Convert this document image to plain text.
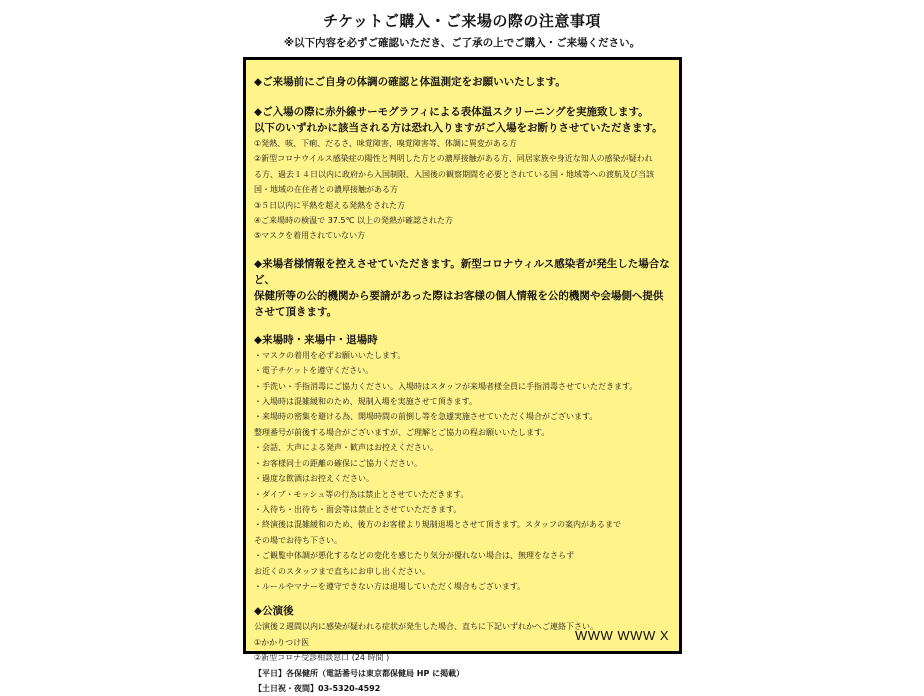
チケットご購入・ご来場の際の注意事項
※以下内容を必ずご確認いただき、ご了承の上でご購入・ご来場ください。
◆ご来場前にご自身の体調の確認と体温測定をお願いいたします。
◆ご入場の際に赤外線サーモグラフィによる表体温スクリーニングを実施致します。
以下のいずれかに該当される方は恐れ入りますがご入場をお断りさせていただきます。
①発熱、咳、下痢、だるさ、味覚障害、嗅覚障害等、体調に異変がある方
②新型コロナウイルス感染症の陽性と判明した方との濃厚接触がある方、同居家族や身近な知人の感染が疑われ
る方、過去１４日以内に政府から入国制限、入国後の観察期間を必要とされている国・地域等への渡航及び当該
国・地域の在住者との濃厚接触がある方
③５日以内に平熱を超える発熱をされた方
④ご来場時の検温で 37.5℃ 以上の発熱が確認された方
⑤マスクを着用されていない方
◆来場者様情報を控えさせていただきます。新型コロナウィルス感染者が発生した場合など、
保健所等の公的機関から要請があった際はお客様の個人情報を公的機関や会場側へ提供
させて頂きます。
◆来場時・来場中・退場時
・マスクの着用を必ずお願いいたします。
・電子チケットを遵守ください。
・手洗い・手指消毒にご協力ください。入場時はスタッフが来場者様全員に手指消毒させていただきます。
・入場時は混雑緩和のため、規制入場を実施させて頂きます。
・来場時の密集を避ける為、開場時間の前倒し等を急遽実施させていただく場合がございます。
整理番号が前後する場合がございますが、ご理解とご協力の程お願いいたします。
・会話、大声による発声・歓声はお控えください。
・お客様同士の距離の確保にご協力ください。
・過度な飲酒はお控えください。
・ダイブ・モッシュ等の行為は禁止とさせていただきます。
・入待ち・出待ち・面会等は禁止とさせていただきます。
・終演後は混雑緩和のため、後方のお客様より規制退場とさせて頂きます。スタッフの案内があるまで
その場でお待ち下さい。
・ご観覧中体調が悪化するなどの変化を感じたり気分が優れない場合は、無理をなさらず
お近くのスタッフまで直ちにお申し出ください。
・ルールやマナーを遵守できない方は退場していただく場合もございます。
◆公演後
公演後２週間以内に感染が疑われる症状が発生した場合、直ちに下記いずれかへご連絡下さい。
①かかりつけ医
②新型コロナ受診相談窓口 (24 時間 )
【平日】各保健所（電話番号は東京都保健局 HP に掲載）
【土日祝・夜間】03-5320-4592
WWW WWW X
